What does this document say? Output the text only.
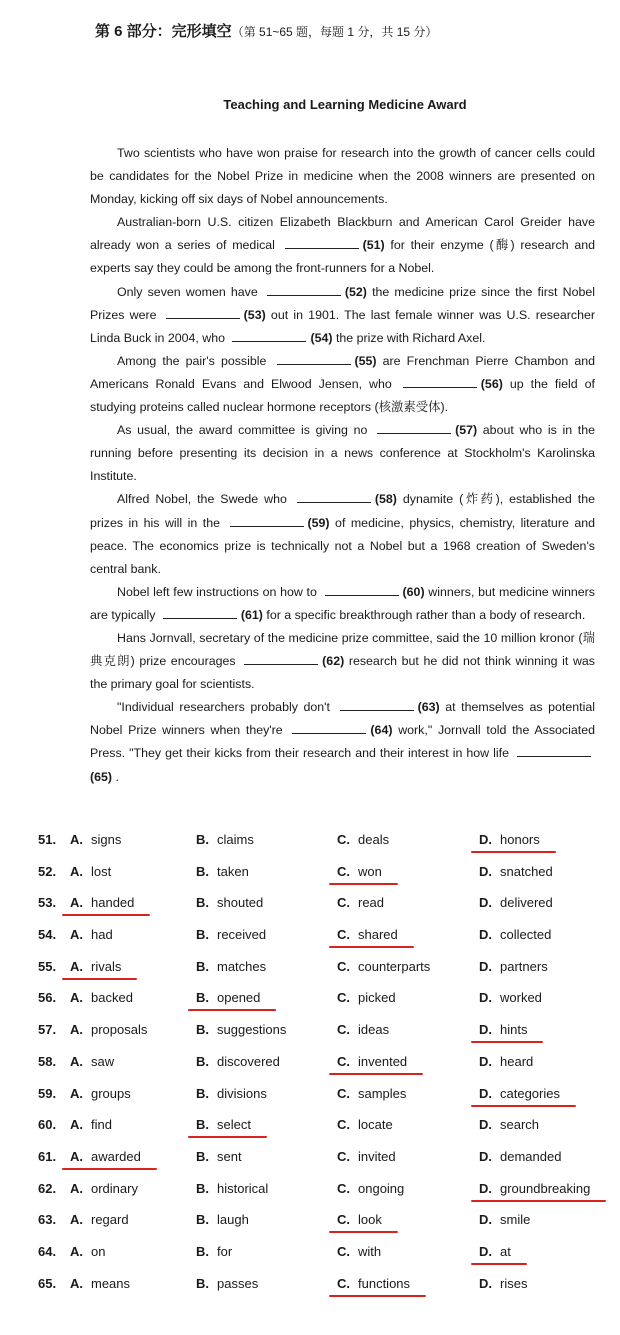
第 6 部分：完形填空（第 51~65 题，每题 1 分，共 15 分）
Teaching and Learning Medicine Award

Two scientists who have won praise for research into the growth of cancer cells could be candidates for the Nobel Prize in medicine when the 2008 winners are presented on Monday, kicking off six days of Nobel announcements.

Australian-born U.S. citizen Elizabeth Blackburn and American Carol Greider have already won a series of medical	(51) for their enzyme (酶) research and experts say they could be among the front-runners for a Nobel.

Only seven women have	(52) the medicine prize since the first Nobel Prizes were	(53) out in 1901. The last female winner was U.S. researcher Linda Buck in 2004, who	(54) the prize with Richard Axel.

Among the pair's possible	(55) are Frenchman Pierre Chambon and Americans Ronald Evans and Elwood Jensen, who	(56) up the field of studying proteins called nuclear hormone receptors (核激素受体).

As usual, the award committee is giving no	(57) about who is in the running before presenting its decision in a news conference at Stockholm's Karolinska Institute.

Alfred Nobel, the Swede who	(58) dynamite (炸药), established the prizes in his will in the	(59) of medicine, physics, chemistry, literature and peace. The economics prize is technically not a Nobel but a 1968 creation of Sweden's central bank.

Nobel left few instructions on how to	(60) winners, but medicine winners are typically	(61) for a specific breakthrough rather than a body of research.

Hans Jornvall, secretary of the medicine prize committee, said the 10 million kronor (瑞典克朗) prize encourages	(62) research but he did not think winning it was the primary goal for scientists.

"Individual researchers probably don't	(63) at themselves as potential Nobel Prize winners when they're	(64) work," Jornvall told the Associated Press. "They get their kicks from their research and their interest in how life (65) .

51. A. signs	B. claims	C. deals	D. honors
52. A. lost	B. taken	C. won	D. snatched
53. A. handed	B. shouted	C. read	D. delivered
54. A. had	B. received	C. shared	D. collected
55. A. rivals	B. matches	C. counterparts	D. partners
56. A. backed	B. opened	C. picked	D. worked
57. A. proposals	B. suggestions	C. ideas	D. hints
58. A. saw	B. discovered	C. invented	D. heard
59. A. groups	B. divisions	C. samples	D. categories
60. A. find	B. select	C. locate	D. search
61. A. awarded	B. sent	C. invited	D. demanded
62. A. ordinary	B. historical	C. ongoing	D. groundbreaking
63. A. regard	B. laugh	C. look	D. smile
64. A. on	B. for	C. with	D. at
65. A. means	B. passes	C. functions	D. rises
